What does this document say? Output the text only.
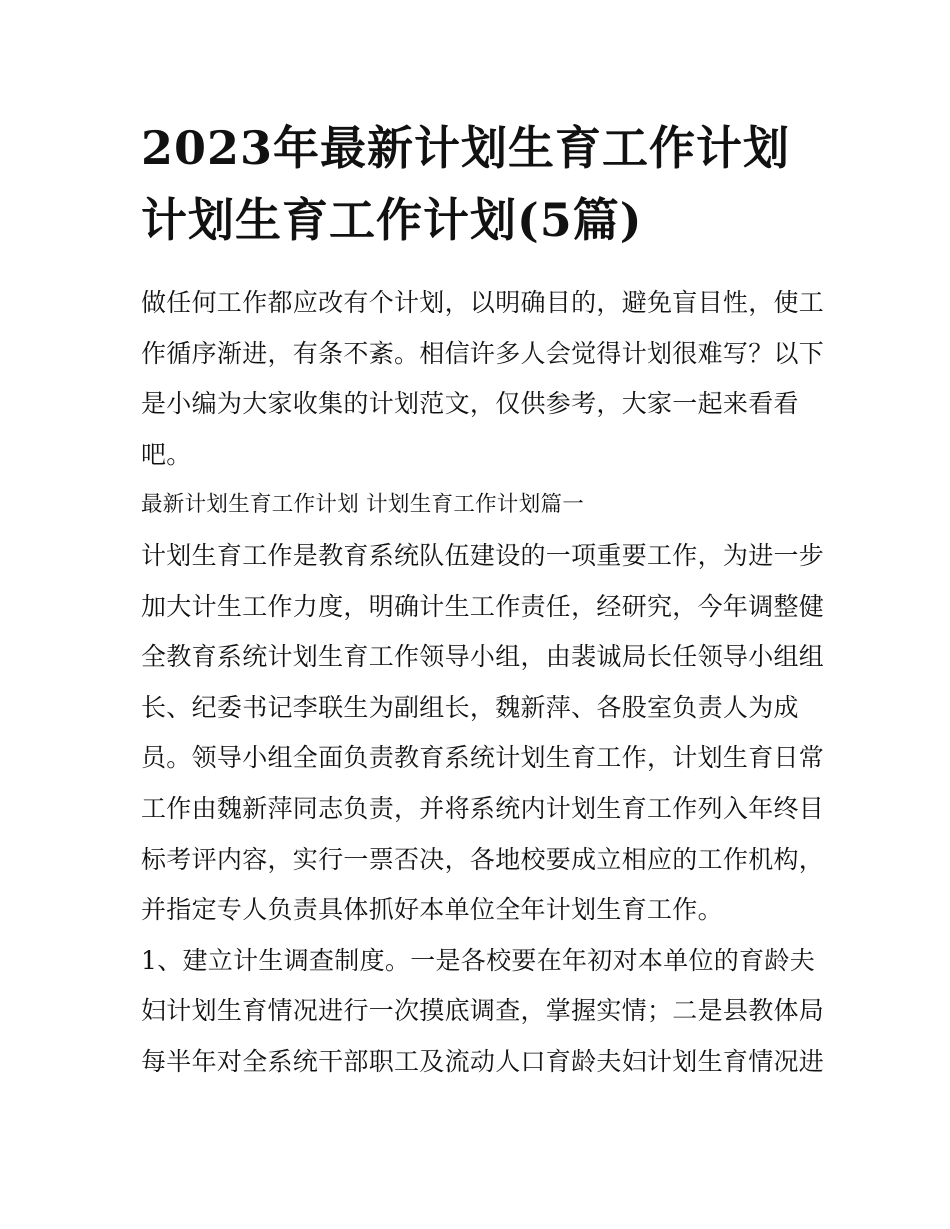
2023年最新计划生育工作计划
计划生育工作计划(5篇)
做任何工作都应改有个计划，以明确目的，避免盲目性，使工
作循序渐进，有条不紊。相信许多人会觉得计划很难写？以下
是小编为大家收集的计划范文，仅供参考，大家一起来看看
吧。
最新计划生育工作计划 计划生育工作计划篇一
计划生育工作是教育系统队伍建设的一项重要工作，为进一步
加大计生工作力度，明确计生工作责任，经研究，今年调整健
全教育系统计划生育工作领导小组，由裴诚局长任领导小组组
长、纪委书记李联生为副组长，魏新萍、各股室负责人为成
员。领导小组全面负责教育系统计划生育工作，计划生育日常
工作由魏新萍同志负责，并将系统内计划生育工作列入年终目
标考评内容，实行一票否决，各地校要成立相应的工作机构，
并指定专人负责具体抓好本单位全年计划生育工作。
1、建立计生调查制度。一是各校要在年初对本单位的育龄夫
妇计划生育情况进行一次摸底调查，掌握实情；二是县教体局
每半年对全系统干部职工及流动人口育龄夫妇计划生育情况进
